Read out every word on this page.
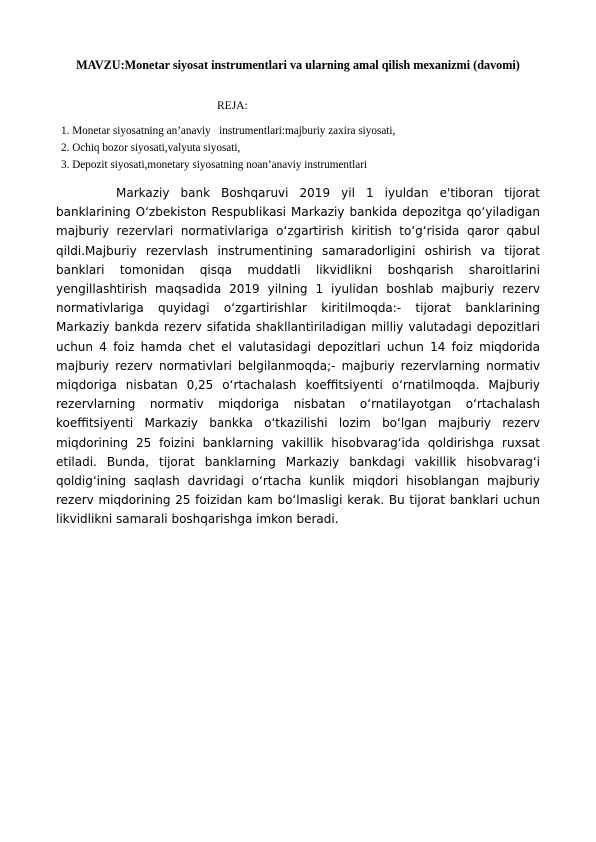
MAVZU:Monetar siyosat instrumentlari va ularning amal qilish mexanizmi (davomi)
REJA:
1. Monetar siyosatning an’anaviy   instrumentlari:majburiy zaxira siyosati,
2. Ochiq bozor siyosati,valyuta siyosati,
3. Depozit siyosati,monetary siyosatning noan’anaviy instrumentlari

Markaziy bank Boshqaruvi 2019 yil 1 iyuldan e'tiboran tijorat banklarining O‘zbekiston Respublikasi Markaziy bankida depozitga qo‘yiladigan majburiy rezervlari normativlariga o‘zgartirish kiritish to‘g‘risida qaror qabul qildi.Majburiy rezervlash instrumentining samaradorligini oshirish va tijorat banklari tomonidan qisqa muddatli likvidlikni boshqarish sharoitlarini yengillashtirish maqsadida 2019 yilning 1 iyulidan boshlab majburiy rezerv normativlariga quyidagi o‘zgartirishlar kiritilmoqda:- tijorat banklarining Markaziy bankda rezerv sifatida shakllantiriladigan milliy valutadagi depozitlari uchun 4 foiz hamda chet el valutasidagi depozitlari uchun 14 foiz miqdorida majburiy rezerv normativlari belgilanmoqda;- majburiy rezervlarning normativ miqdoriga nisbatan 0,25 o‘rtachalash koeffitsiyenti o‘rnatilmoqda. Majburiy rezervlarning normativ miqdoriga nisbatan o‘rnatilayotgan o‘rtachalash koeffitsiyenti Markaziy bankka o‘tkazilishi lozim bo‘lgan majburiy rezerv miqdorining 25 foizini banklarning vakillik hisobvarag‘ida qoldirishga ruxsat etiladi. Bunda, tijorat banklarning Markaziy bankdagi vakillik hisobvarag‘i qoldig‘ining saqlash davridagi o‘rtacha kunlik miqdori hisoblangan majburiy rezerv miqdorining 25 foizidan kam bo‘lmasligi kerak. Bu tijorat banklari uchun likvidlikni samarali boshqarishga imkon beradi.
